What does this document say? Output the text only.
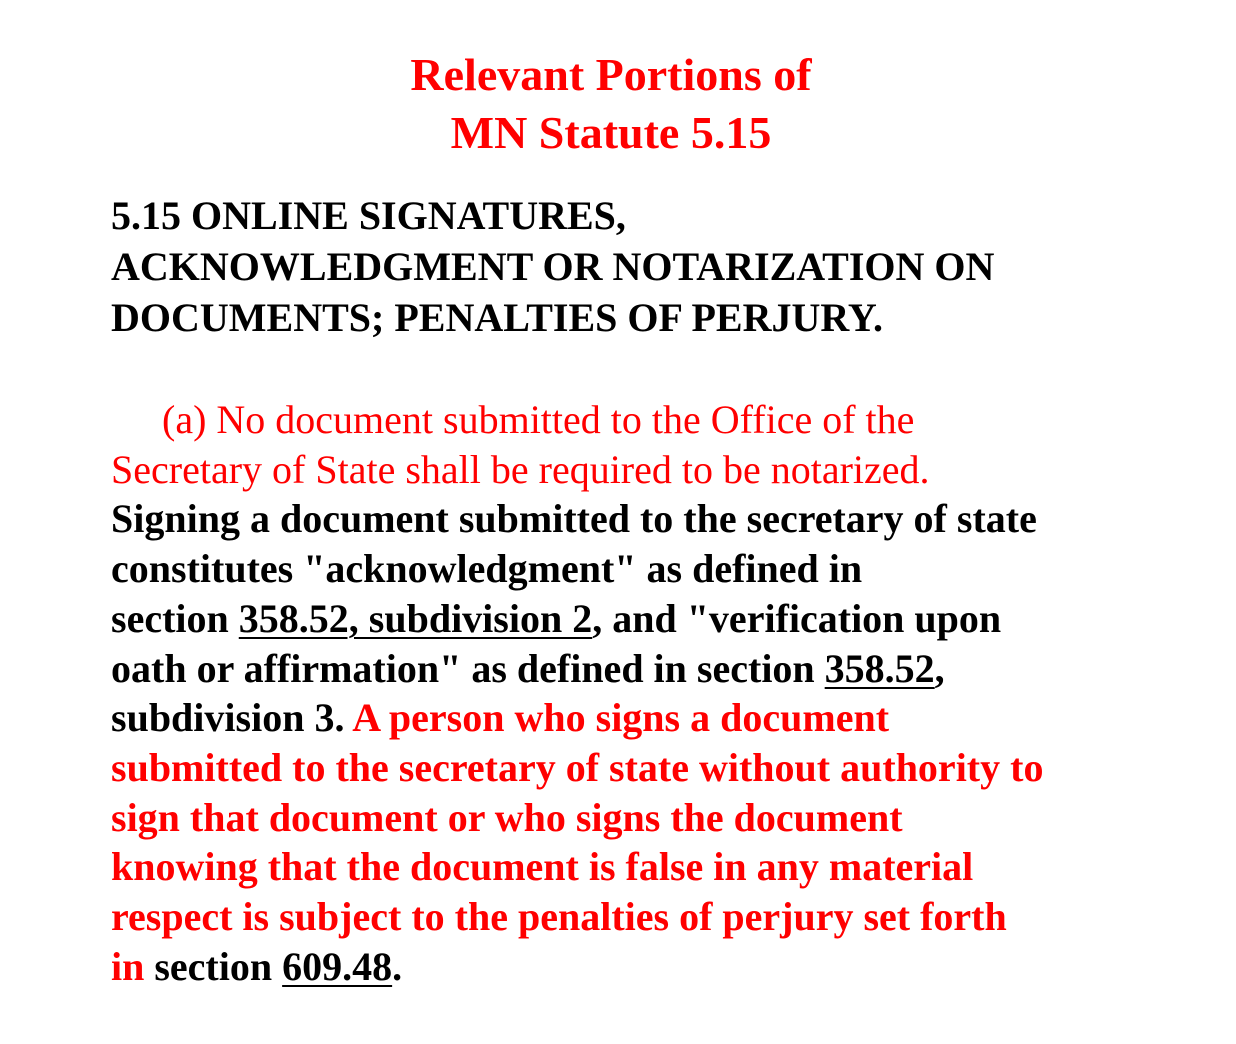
Relevant Portions of
MN Statute 5.15
5.15 ONLINE SIGNATURES,
ACKNOWLEDGMENT OR NOTARIZATION ON
DOCUMENTS; PENALTIES OF PERJURY.
(a) No document submitted to the Office of the
Secretary of State shall be required to be notarized.
Signing a document submitted to the secretary of state
constitutes "acknowledgment" as defined in
section 358.52, subdivision 2, and "verification upon
oath or affirmation" as defined in section 358.52,
subdivision 3. A person who signs a document
submitted to the secretary of state without authority to
sign that document or who signs the document
knowing that the document is false in any material
respect is subject to the penalties of perjury set forth
in section 609.48.
